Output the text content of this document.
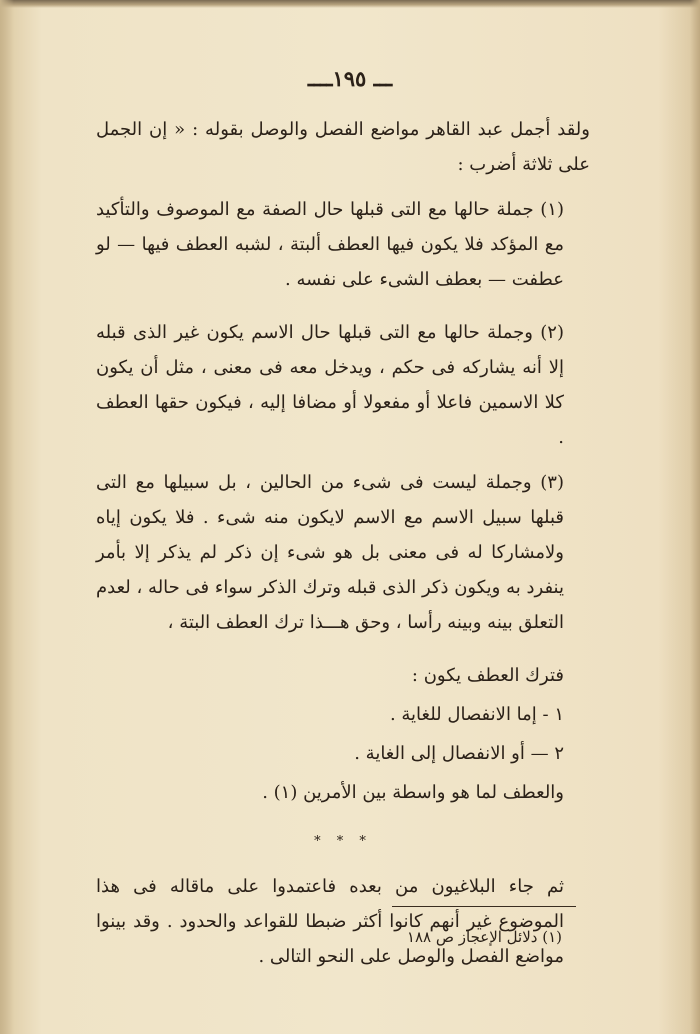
ـــ ١٩٥ــــ

ولقد أجمل عبد القاهر مواضع الفصل والوصل بقوله : « إن الجمل على ثلاثة أضرب :

(١) جملة حالها مع التى قبلها حال الصفة مع الموصوف والتأكيد مع المؤكد فلا يكون فيها العطف ألبتة ، لشبه العطف فيها — لو عطفت — بعطف الشىء على نفسه .

(٢) وجملة حالها مع التى قبلها حال الاسم يكون غير الذى قبله إلا أنه يشاركه فى حكم ، ويدخل معه فى معنى ، مثل أن يكون كلا الاسمين فاعلا أو مفعولا أو مضافا إليه ، فيكون حقها العطف .

(٣) وجملة ليست فى شىء من الحالين ، بل سبيلها مع التى قبلها سبيل الاسم مع الاسم لايكون منه شىء . فلا يكون إياه ولامشاركا له فى معنى بل هو شىء إن ذكر لم يذكر إلا بأمر ينفرد به ويكون ذكر الذى قبله وترك الذكر سواء فى حاله ، لعدم التعلق بينه وبينه رأسا ، وحق هـــذا ترك العطف البتة ،

فترك العطف يكون :

١ - إما الانفصال للغاية .

٢ — أو الانفصال إلى الغاية .

والعطف لما هو واسطة بين الأمرين (١) .

* * *

ثم جاء البلاغيون من بعده فاعتمدوا على ماقاله فى هذا الموضوع غير أنهم كانوا أكثر ضبطا للقواعد والحدود . وقد بينوا مواضع الفصل والوصل على النحو التالى .

(١) دلائل الإعجاز ص ١٨٨
